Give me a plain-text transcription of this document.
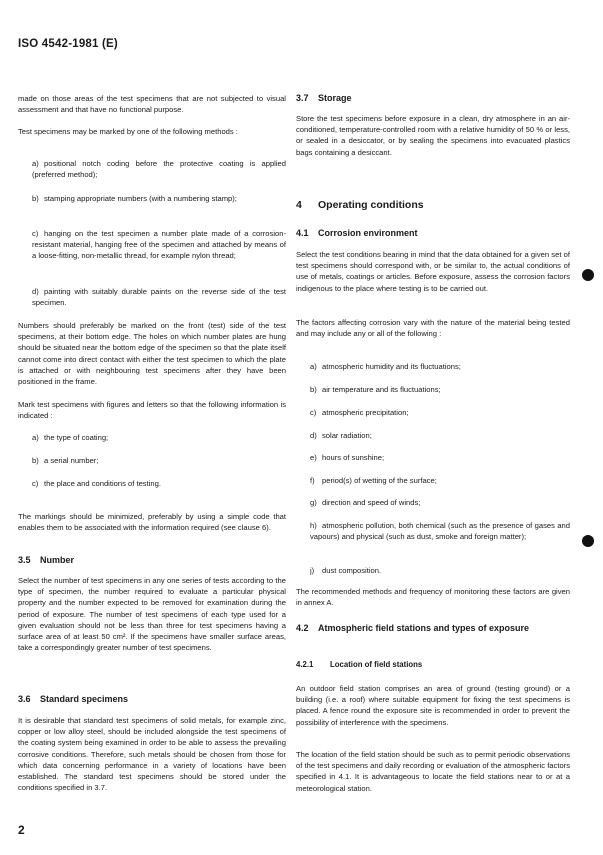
ISO 4542-1981 (E)

made on those areas of the test specimens that are not subjected to visual assessment and that have no functional purpose.

Test specimens may be marked by one of the following methods :

a) positional notch coding before the protective coating is applied (preferred method);
b) stamping appropriate numbers (with a numbering stamp);
c) hanging on the test specimen a number plate made of a corrosion-resistant material, hanging free of the specimen and attached by means of a loose-fitting, non-metallic thread, for example nylon thread;
d) painting with suitably durable paints on the reverse side of the test specimen.

Numbers should preferably be marked on the front (test) side of the test specimens, at their bottom edge. The holes on which number plates are hung should be situated near the bottom edge of the specimen so that the plate itself cannot come into direct contact with either the test specimen to which the plate is attached or with neighbouring test specimens after they have been positioned in the frame.

Mark test specimens with figures and letters so that the following information is indicated :

a) the type of coating;
b) a serial number;
c) the place and conditions of testing.

The markings should be minimized, preferably by using a simple code that enables them to be associated with the information required (see clause 6).

3.5 Number

Select the number of test specimens in any one series of tests according to the type of specimen, the number required to evaluate a particular physical property and the number expected to be removed for examination during the period of exposure. The number of test specimens of each type used for a given evaluation should not be less than three for test specimens having a surface area of at least 50 cm². If the specimens have smaller surface areas, take a correspondingly greater number of test specimens.

3.6 Standard specimens

It is desirable that standard test specimens of solid metals, for example zinc, copper or low alloy steel, should be included alongside the test specimens of the coating system being examined in order to be able to assess the prevailing corrosive conditions. Therefore, such metals should be chosen from those for which data concerning performance in a variety of locations have been established. The standard test specimens should be stored under the conditions specified in 3.7.

3.7 Storage

Store the test specimens before exposure in a clean, dry atmosphere in an air-conditioned, temperature-controlled room with a relative humidity of 50 % or less, or sealed in a desiccator, or by sealing the specimens into evacuated plastics bags containing a desiccant.

4 Operating conditions
4.1 Corrosion environment

Select the test conditions bearing in mind that the data obtained for a given set of test specimens should correspond with, or be similar to, the actual conditions of use of metals, coatings or articles. Before exposure, assess the corrosion factors indigenous to the place where testing is to be carried out.

The factors affecting corrosion vary with the nature of the material being tested and may include any or all of the following :

a) atmospheric humidity and its fluctuations;
b) air temperature and its fluctuations;
c) atmospheric precipitation;
d) solar radiation;
e) hours of sunshine;
f) period(s) of wetting of the surface;
g) direction and speed of winds;
h) atmospheric pollution, both chemical (such as the presence of gases and vapours) and physical (such as dust, smoke and foreign matter);
j) dust composition.

The recommended methods and frequency of monitoring these factors are given in annex A.

4.2 Atmospheric field stations and types of exposure
4.2.1 Location of field stations

An outdoor field station comprises an area of ground (testing ground) or a building (i.e. a roof) where suitable equipment for fixing the test specimens is placed. A fence round the exposure site is recommended in order to prevent the possibility of interference with the specimens.

The location of the field station should be such as to permit periodic observations of the test specimens and daily recording or evaluation of the atmospheric factors specified in 4.1. It is advantageous to locate the field stations near to or at a meteorological station.

2
